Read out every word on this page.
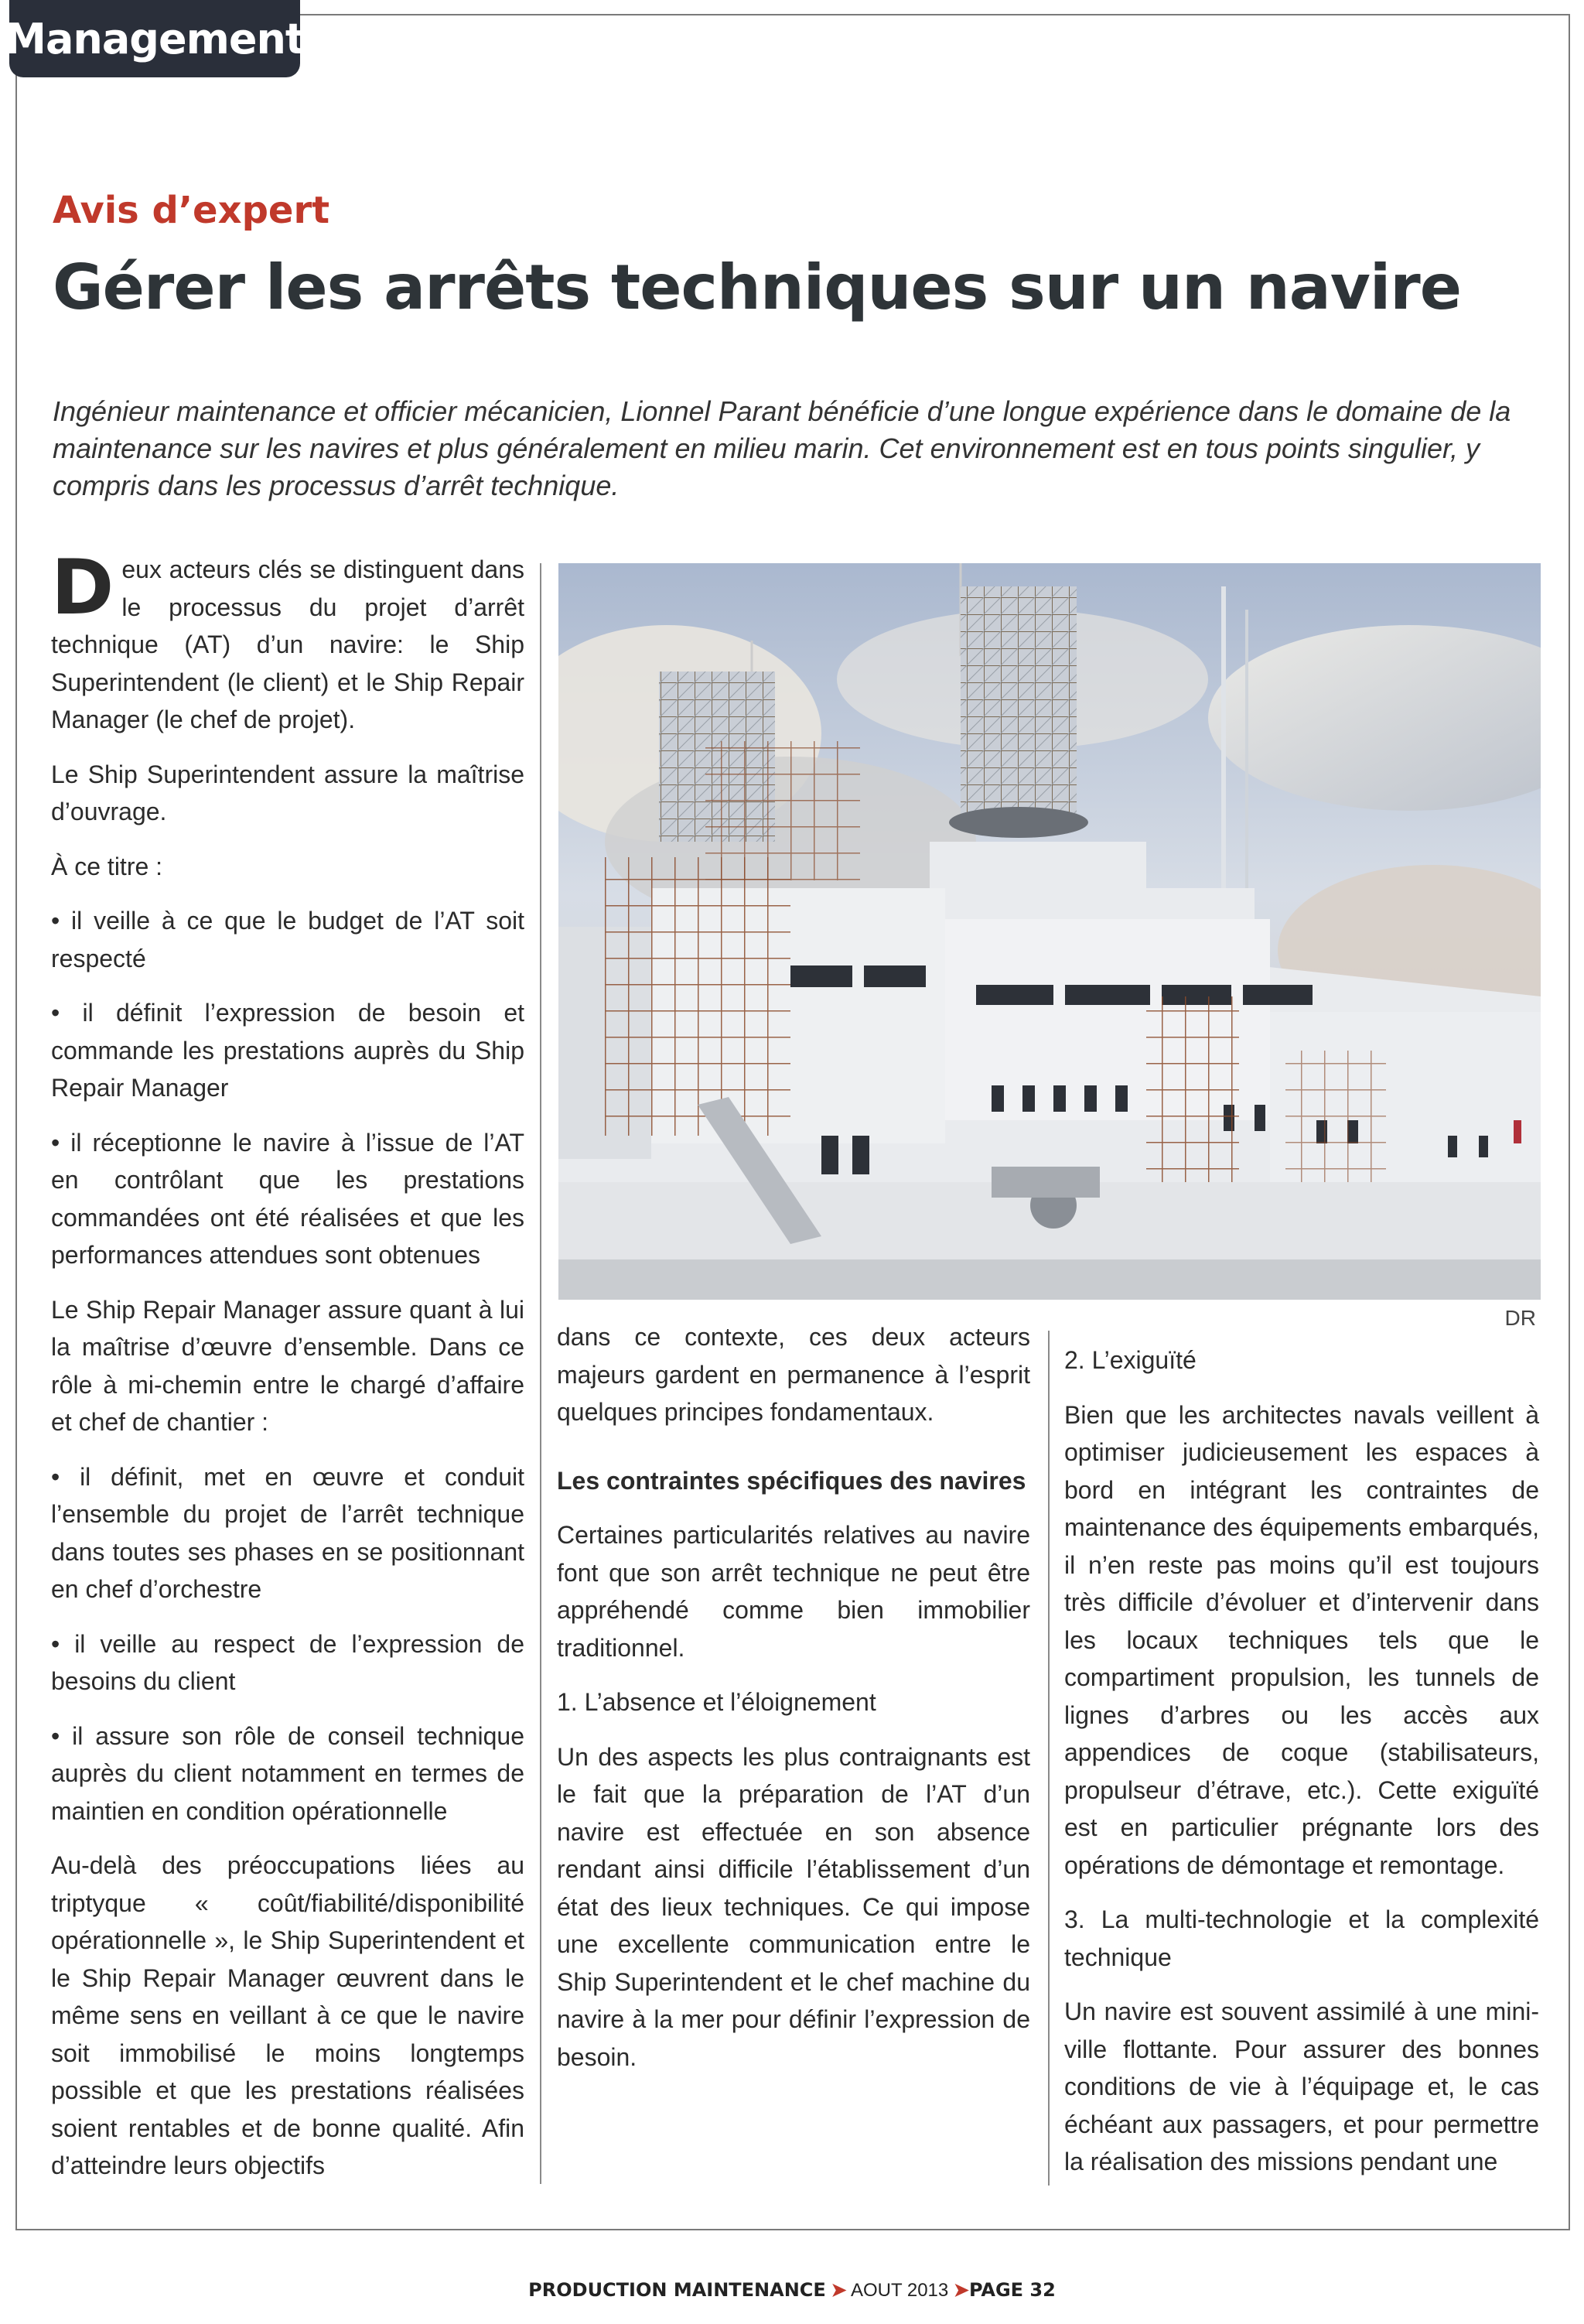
Management
Avis d’expert
Gérer les arrêts techniques sur un navire
Ingénieur maintenance et officier mécanicien, Lionnel Parant bénéficie d’une longue expérience dans le domaine de la maintenance sur les navires et plus généralement en milieu marin. Cet environnement est en tous points singulier, y compris dans les processus d’arrêt technique.

Deux acteurs clés se distinguent dans le processus du projet d’arrêt technique (AT) d’un navire: le Ship Superintendent (le client) et le Ship Repair Manager (le chef de projet).

Le Ship Superintendent assure la maîtrise d’ouvrage.

À ce titre :

• il veille à ce que le budget de l’AT soit respecté

• il définit l’expression de besoin et commande les prestations auprès du Ship Repair Manager

• il réceptionne le navire à l’issue de l’AT en contrôlant que les prestations commandées ont été réalisées et que les performances attendues sont obtenues

Le Ship Repair Manager assure quant à lui la maîtrise d’œuvre d’ensemble. Dans ce rôle à mi-chemin entre le chargé d’affaire et chef de chantier :

• il définit, met en œuvre et conduit l’ensemble du projet de l’arrêt technique dans toutes ses phases en se positionnant en chef d’orchestre

• il veille au respect de l’expression de besoins du client

• il assure son rôle de conseil technique auprès du client notamment en termes de maintien en condition opérationnelle

Au-delà des préoccupations liées au triptyque « coût/fiabilité/disponibilité opérationnelle », le Ship Superintendent et le Ship Repair Manager œuvrent dans le même sens en veillant à ce que le navire soit immobilisé le moins longtemps possible et que les prestations réalisées soient rentables et de bonne qualité. Afin d’atteindre leurs objectifs

DR

dans ce contexte, ces deux acteurs majeurs gardent en permanence à l’esprit quelques principes fondamentaux.

Les contraintes spécifiques des navires

Certaines particularités relatives au navire font que son arrêt technique ne peut être appréhendé comme bien immobilier traditionnel.

1. L’absence et l’éloignement

Un des aspects les plus contraignants est le fait que la préparation de l’AT d’un navire est effectuée en son absence rendant ainsi difficile l’établissement d’un état des lieux techniques. Ce qui impose une excellente communication entre le Ship Superintendent et le chef machine du navire à la mer pour définir l’expression de besoin.

2. L’exiguïté

Bien que les architectes navals veillent à optimiser judicieusement les espaces à bord en intégrant les contraintes de maintenance des équipements embarqués, il n’en reste pas moins qu’il est toujours très difficile d’évoluer et d’intervenir dans les locaux techniques tels que le compartiment propulsion, les tunnels de lignes d’arbres ou les accès aux appendices de coque (stabilisateurs, propulseur d’étrave, etc.). Cette exiguïté est en particulier prégnante lors des opérations de démontage et remontage.

3. La multi-technologie et la complexité technique

Un navire est souvent assimilé à une mini-ville flottante. Pour assurer des bonnes conditions de vie à l’équipage et, le cas échéant aux passagers, et pour permettre la réalisation des missions pendant une

PRODUCTION MAINTENANCE ➤ AOUT 2013 ➤PAGE 32
